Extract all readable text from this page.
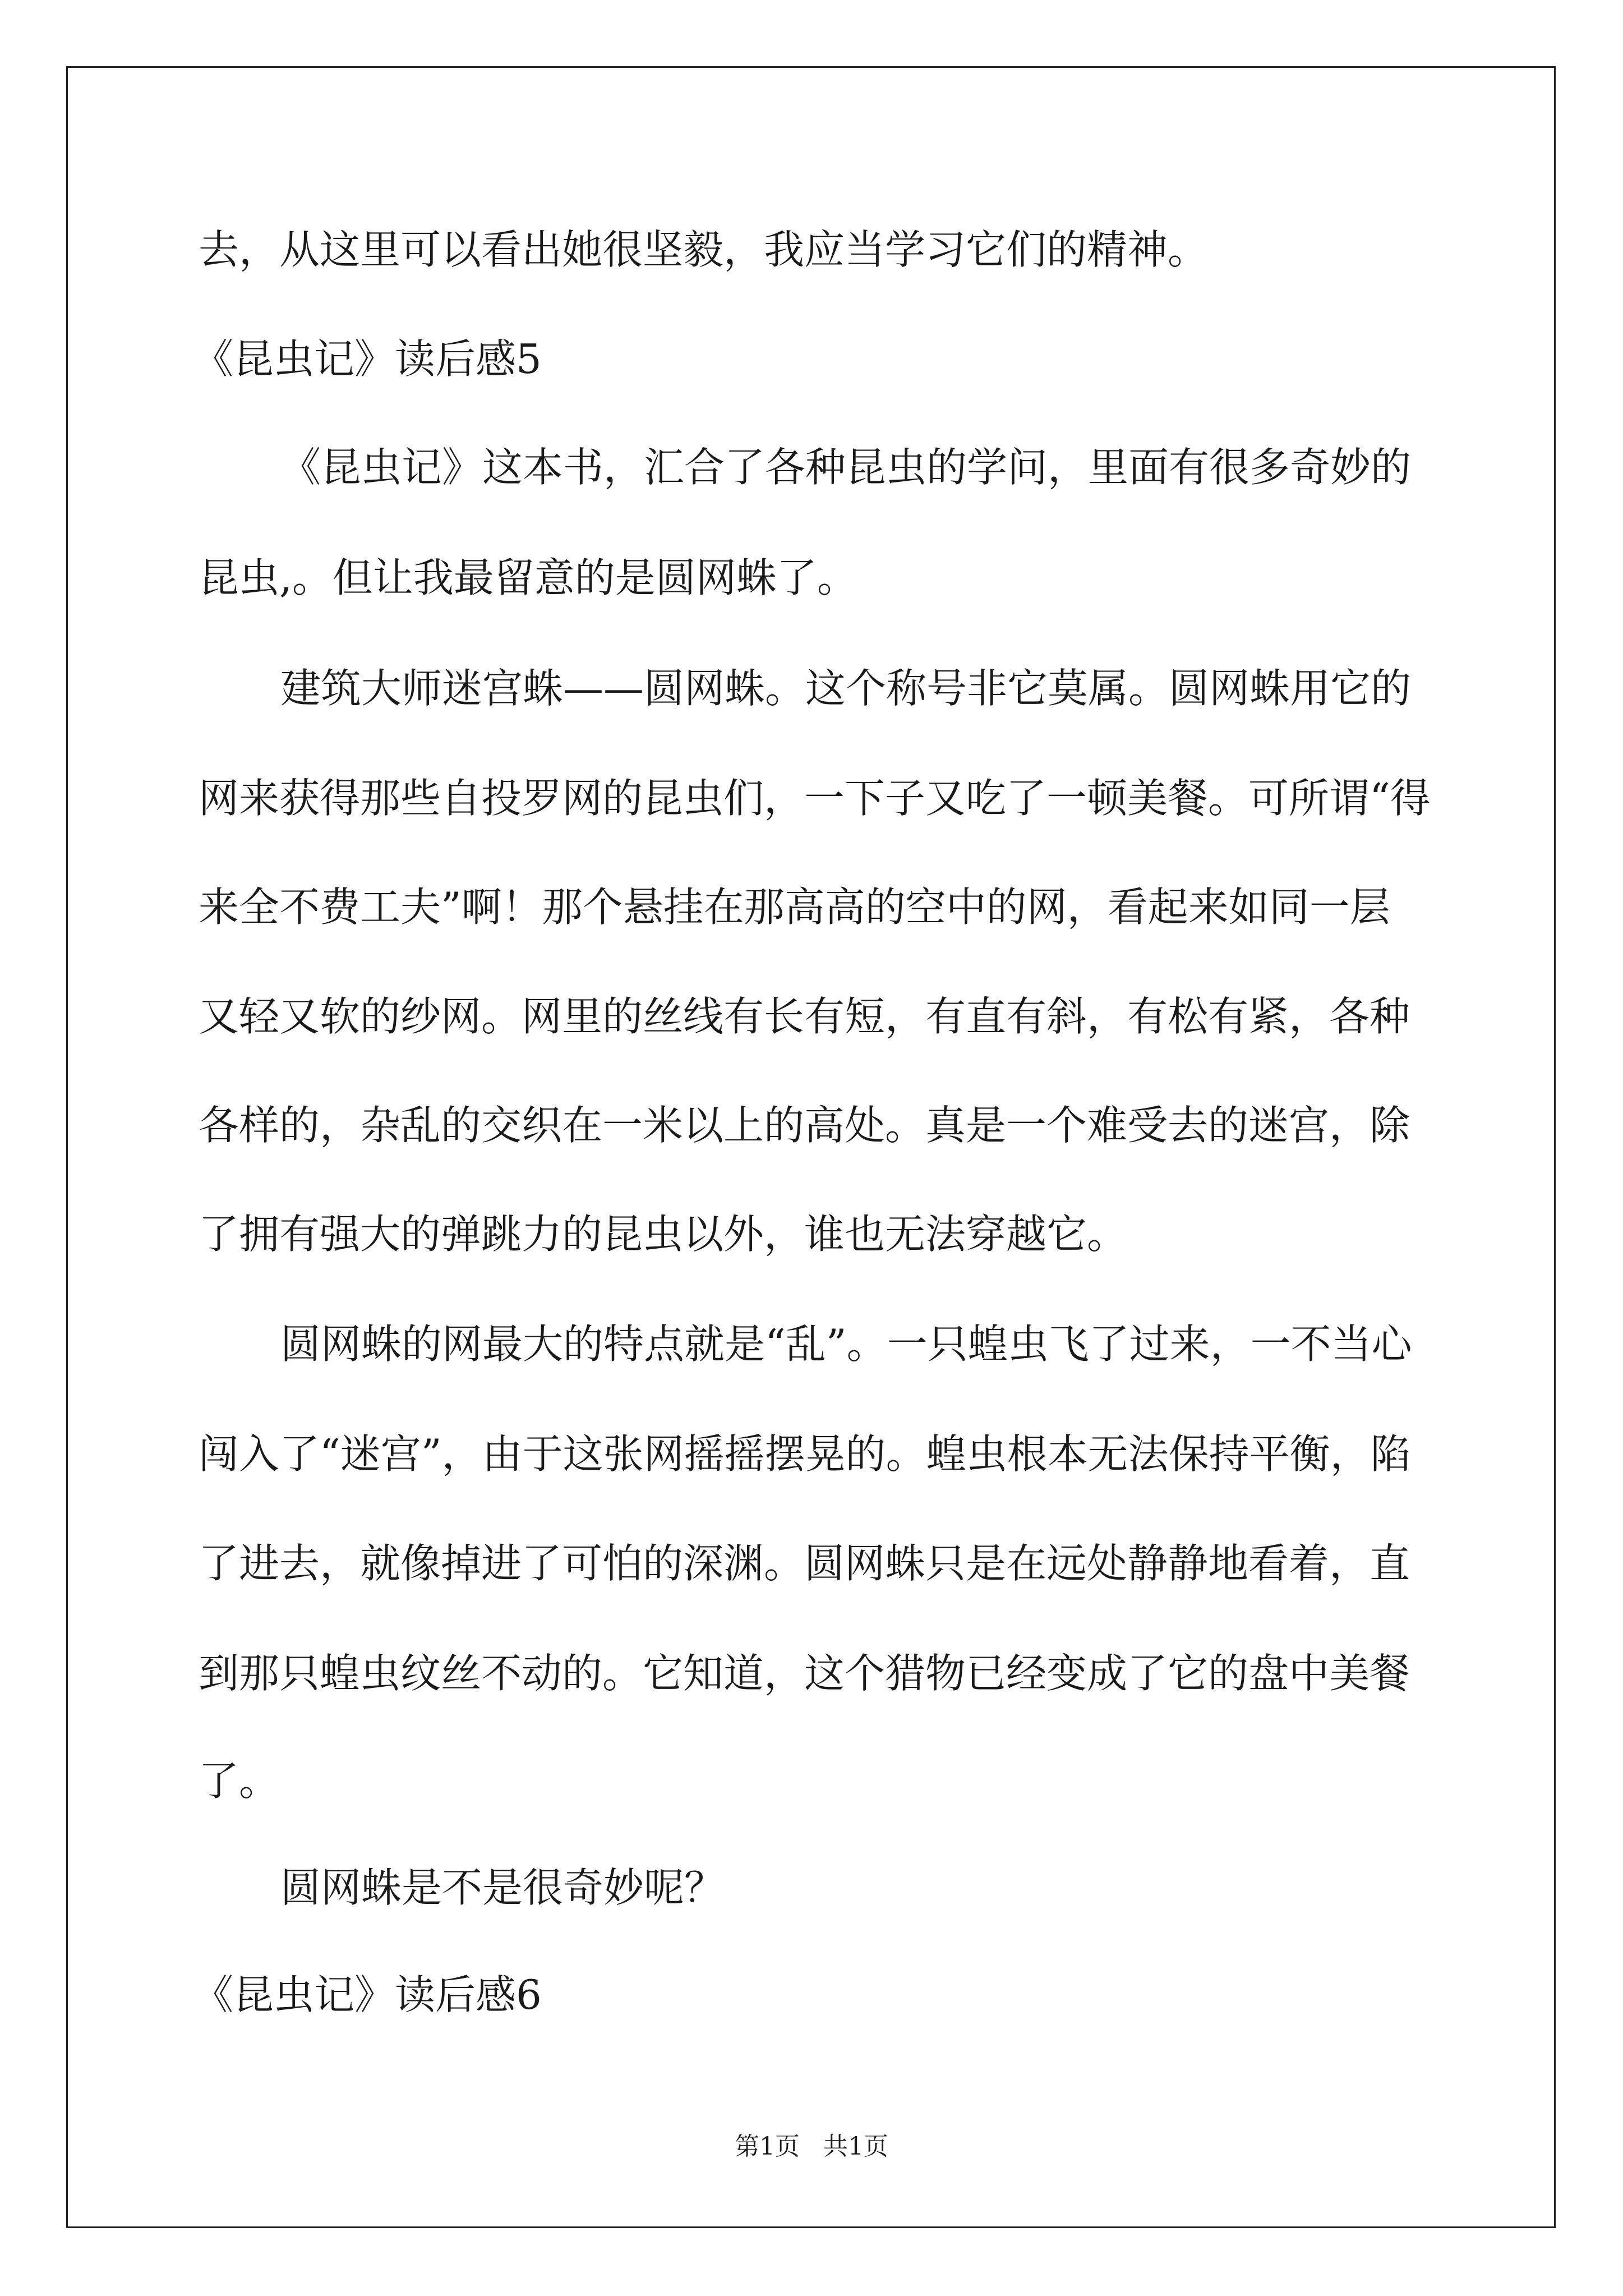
去，从这里可以看出她很坚毅，我应当学习它们的精神。
《昆虫记》读后感5
《昆虫记》这本书，汇合了各种昆虫的学问，里面有很多奇妙的
昆虫,。但让我最留意的是圆网蛛了。
建筑大师迷宫蛛——圆网蛛。这个称号非它莫属。圆网蛛用它的
网来获得那些自投罗网的昆虫们，一下子又吃了一顿美餐。可所谓“得
来全不费工夫”啊！那个悬挂在那高高的空中的网，看起来如同一层
又轻又软的纱网。网里的丝线有长有短，有直有斜，有松有紧，各种
各样的，杂乱的交织在一米以上的高处。真是一个难受去的迷宫，除
了拥有强大的弹跳力的昆虫以外，谁也无法穿越它。
圆网蛛的网最大的特点就是“乱”。一只蝗虫飞了过来，一不当心
闯入了“迷宫”，由于这张网摇摇摆晃的。蝗虫根本无法保持平衡，陷
了进去，就像掉进了可怕的深渊。圆网蛛只是在远处静静地看着，直
到那只蝗虫纹丝不动的。它知道，这个猎物已经变成了它的盘中美餐
了。
圆网蛛是不是很奇妙呢？
《昆虫记》读后感6
第1页 共1页
